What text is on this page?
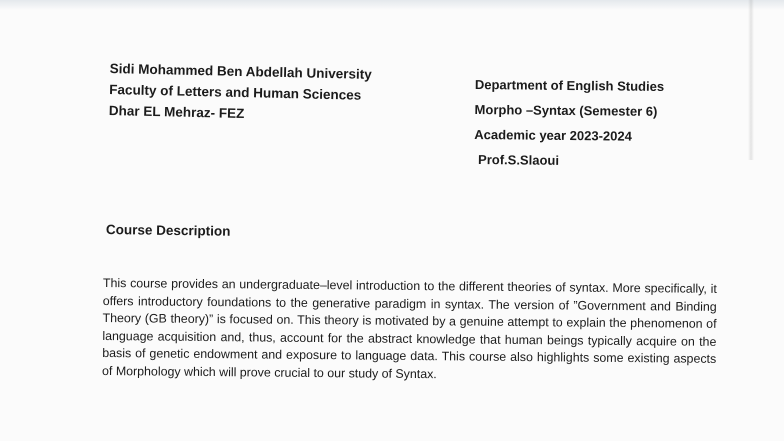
Sidi Mohammed Ben Abdellah University
Faculty of Letters and Human Sciences
Dhar EL Mehraz- FEZ
Department of English Studies
Morpho –Syntax (Semester 6)
Academic year 2023-2024
Prof.S.Slaoui
Course Description
This course provides an undergraduate–level introduction to the different theories of syntax. More specifically, it offers introductory foundations to the generative paradigm in syntax. The version of ”Government and Binding Theory (GB theory)” is focused on. This theory is motivated by a genuine attempt to explain the phenomenon of language acquisition and, thus, account for the abstract knowledge that human beings typically acquire on the basis of genetic endowment and exposure to language data. This course also highlights some existing aspects of Morphology which will prove crucial to our study of Syntax.
